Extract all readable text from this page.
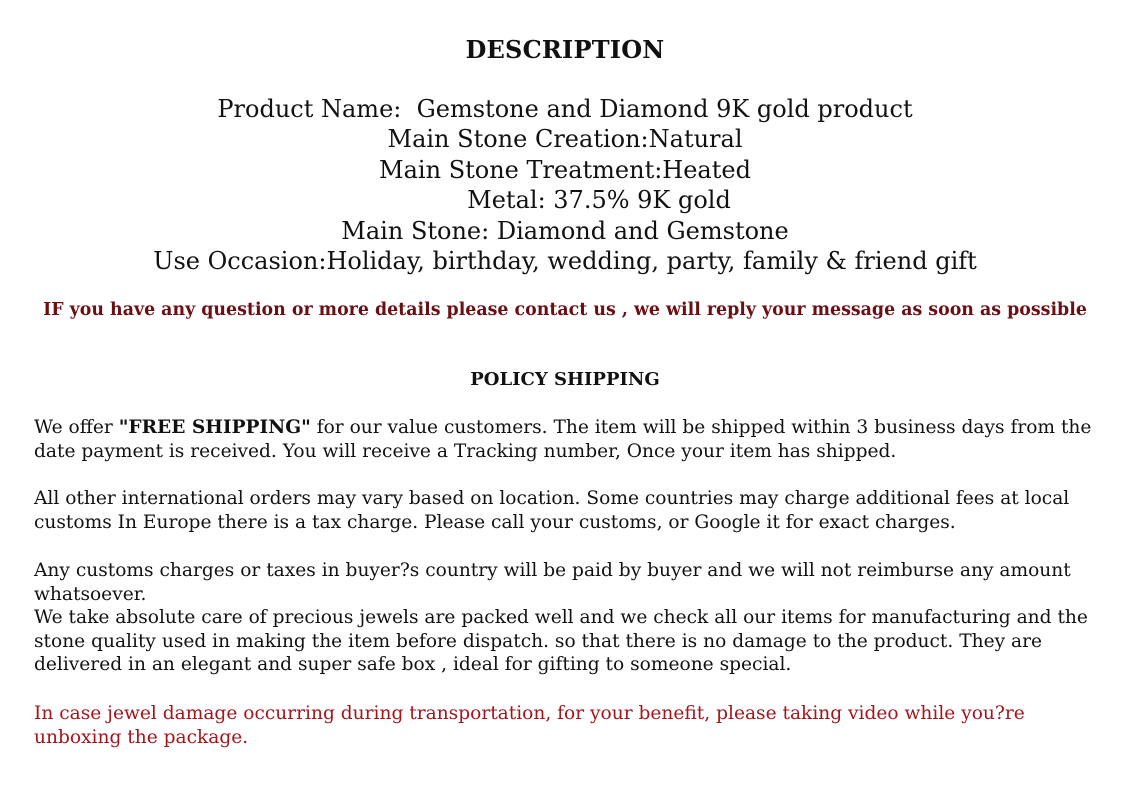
DESCRIPTION
Product Name:  Gemstone and Diamond 9K gold product
Main Stone Creation:Natural
Main Stone Treatment:Heated
Metal: 37.5% 9K gold
Main Stone: Diamond and Gemstone
Use Occasion:Holiday, birthday, wedding, party, family & friend gift
IF you have any question or more details please contact us , we will reply your message as soon as possible
POLICY SHIPPING

We offer "FREE SHIPPING" for our value customers. The item will be shipped within 3 business days from the date payment is received. You will receive a Tracking number, Once your item has shipped.

All other international orders may vary based on location. Some countries may charge additional fees at local customs In Europe there is a tax charge. Please call your customs, or Google it for exact charges.

Any customs charges or taxes in buyer?s country will be paid by buyer and we will not reimburse any amount whatsoever.

We take absolute care of precious jewels are packed well and we check all our items for manufacturing and the stone quality used in making the item before dispatch. so that there is no damage to the product. They are delivered in an elegant and super safe box , ideal for gifting to someone special.

In case jewel damage occurring during transportation, for your benefit, please taking video while you?re unboxing the package.
